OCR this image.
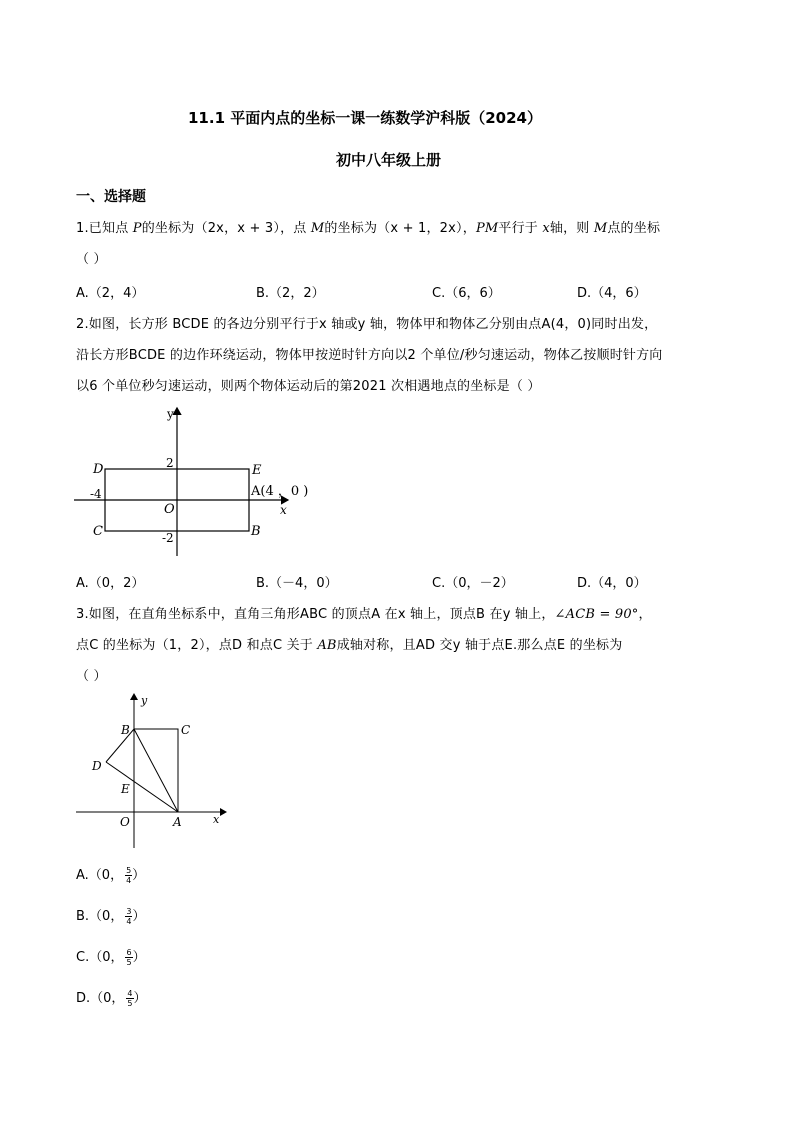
11.1 平面内点的坐标一课一练数学沪科版（2024）
初中八年级上册
一、选择题
1.已知点 P的坐标为（2x，x + 3），点 M的坐标为（x + 1，2x），PM平行于 x轴，则 M点的坐标
（ ）
A.（2，4）	B.（2，2）	C.（6，6）	D.（4，6）
2.如图，长方形 BCDE 的各边分别平行于x 轴或y 轴，物体甲和物体乙分别由点A(4，0)同时出发，
沿长方形BCDE 的边作环绕运动，物体甲按逆时针方向以2 个单位/秒匀速运动，物体乙按顺时针方向
以6 个单位秒匀速运动，则两个物体运动后的第2021 次相遇地点的坐标是（ ）
y
x
D	E
C	B
O
A(4 ，0 )
2
-2
-4
A.（0，2）	B.（－4，0）	C.（0，－2）	D.（4，0）
3.如图，在直角坐标系中，直角三角形ABC 的顶点A 在x 轴上，顶点B 在y 轴上，∠ACB = 90°，
点C 的坐标为（1，2），点D 和点C 关于 AB成轴对称，且AD 交y 轴于点E.那么点E 的坐标为
（ ）
y
x
O	A
B	C
D
E
A.（0， $\frac{5}{4}$ ）
B.（0， $\frac{3}{4}$ ）
C.（0， $\frac{6}{5}$ ）
D.（0， $\frac{4}{5}$ ）
